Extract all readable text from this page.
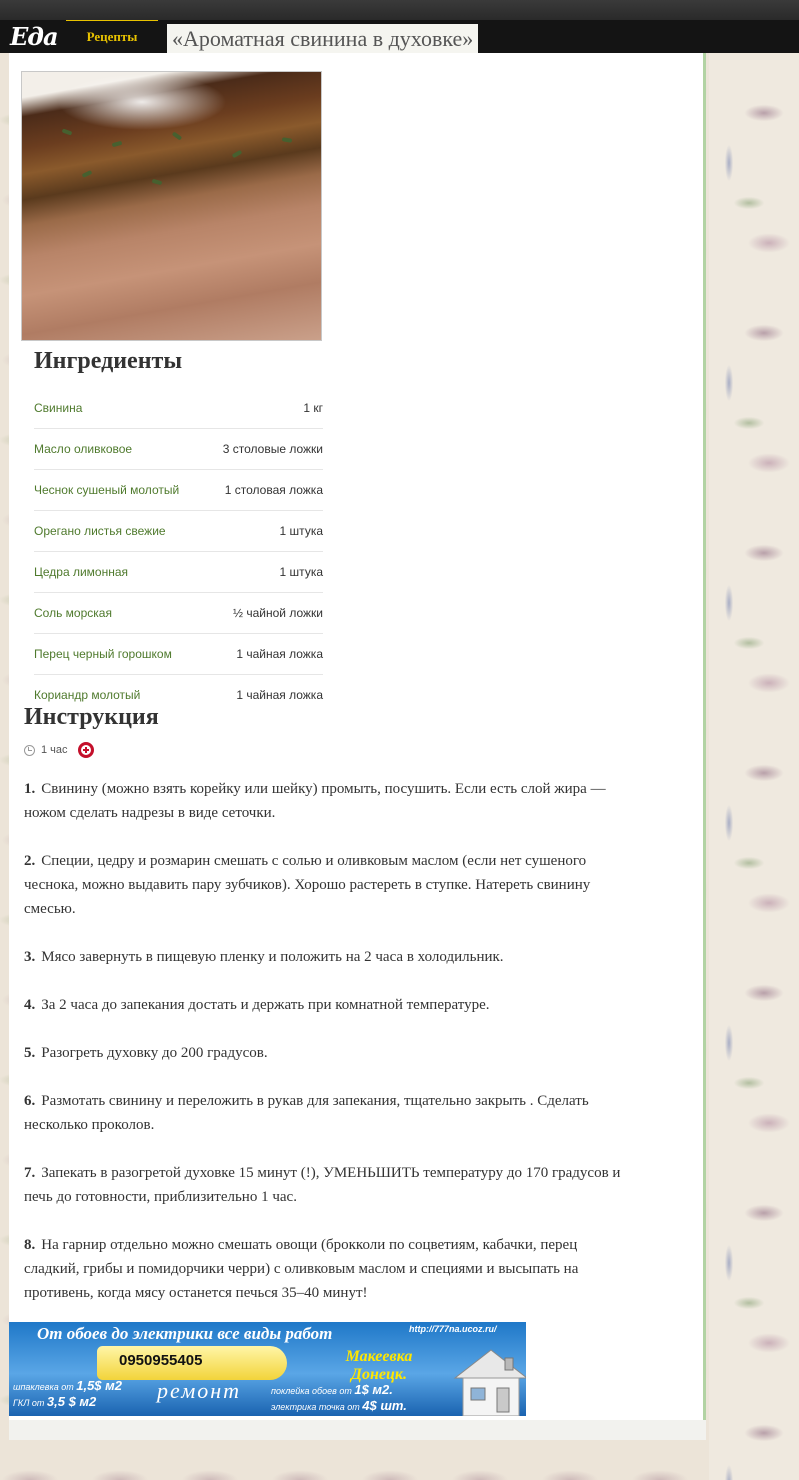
Еда	Рецепты	«Ароматная свинина в духовке»
Ингредиенты
Свинина	1 кг
Масло оливковое	3 столовые ложки
Чеснок сушеный молотый	1 столовая ложка
Орегано листья свежие	1 штука
Цедра лимонная	1 штука
Соль морская	½ чайной ложки
Перец черный горошком	1 чайная ложка
Кориандр молотый	1 чайная ложка
Инструкция
1 час

1. Свинину (можно взять корейку или шейку) промыть, посушить. Если есть слой жира — ножом сделать надрезы в виде сеточки.

2. Специи, цедру и розмарин смешать с солью и оливковым маслом (если нет сушеного чеснока, можно выдавить пару зубчиков). Хорошо растереть в ступке. Натереть свинину смесью.

3. Мясо завернуть в пищевую пленку и положить на 2 часа в холодильник.

4. За 2 часа до запекания достать и держать при комнатной температуре.

5. Разогреть духовку до 200 градусов.

6. Размотать свинину и переложить в рукав для запекания, тщательно закрыть . Сделать несколько проколов.

7. Запекать в разогретой духовке 15 минут (!), УМЕНЬШИТЬ температуру до 170 градусов и печь до готовности, приблизительно 1 час.

8. На гарнир отдельно можно смешать овощи (брокколи по соцветиям, кабачки, перец сладкий, грибы и помидорчики черри) с оливковым маслом и специями и высыпать на противень, когда мясу останется печься 35–40 минут!

От обоев до электрики все виды работ	http://777na.ucoz.ru/
0950955405	Макеевка Донецк.
шпаклевка от 1,5$ м2
ГКЛ от 3,5 $ м2	ремонт	поклейка обоев от 1$ м2.
электрика точка от 4$ шт.
